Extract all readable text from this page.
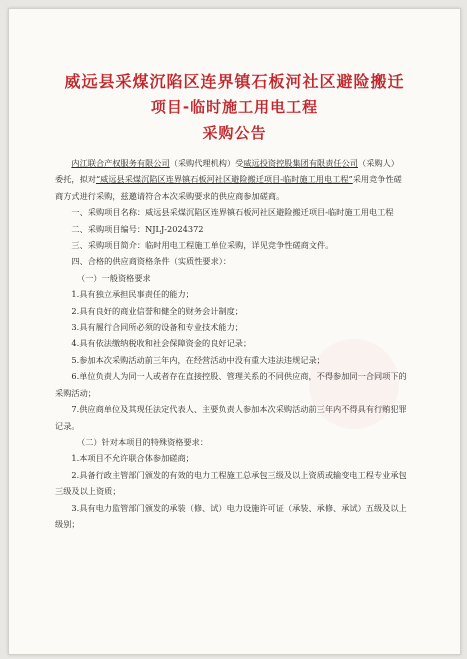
威远县采煤沉陷区连界镇石板河社区避险搬迁
项目-临时施工用电工程
采购公告

内江联合产权服务有限公司（采购代理机构）受威远投资控股集团有限责任公司（采购人）委托，拟对“威远县采煤沉陷区连界镇石板河社区避险搬迁项目-临时施工用电工程”采用竞争性磋商方式进行采购，兹邀请符合本次采购要求的供应商参加磋商。

一、采购项目名称：威远县采煤沉陷区连界镇石板河社区避险搬迁项目-临时施工用电工程

二、采购项目编号：NJLJ-2024372

三、采购项目简介：临时用电工程施工单位采购，详见竞争性磋商文件。

四、合格的供应商资格条件（实质性要求）：

（一）一般资格要求

1.具有独立承担民事责任的能力；

2.具有良好的商业信誉和健全的财务会计制度；

3.具有履行合同所必须的设备和专业技术能力；

4.具有依法缴纳税收和社会保障资金的良好记录；

5.参加本次采购活动前三年内，在经营活动中没有重大违法违规记录；

6.单位负责人为同一人或者存在直接控股、管理关系的不同供应商，不得参加同一合同项下的采购活动；

7.供应商单位及其现任法定代表人、主要负责人参加本次采购活动前三年内不得具有行贿犯罪记录。

（二）针对本项目的特殊资格要求：

1.本项目不允许联合体参加磋商；

2.具备行政主管部门颁发的有效的电力工程施工总承包三级及以上资质或输变电工程专业承包三级及以上资质；

3.具有电力监管部门颁发的承装（修、试）电力设施许可证（承装、承修、承试）五级及以上级别；
